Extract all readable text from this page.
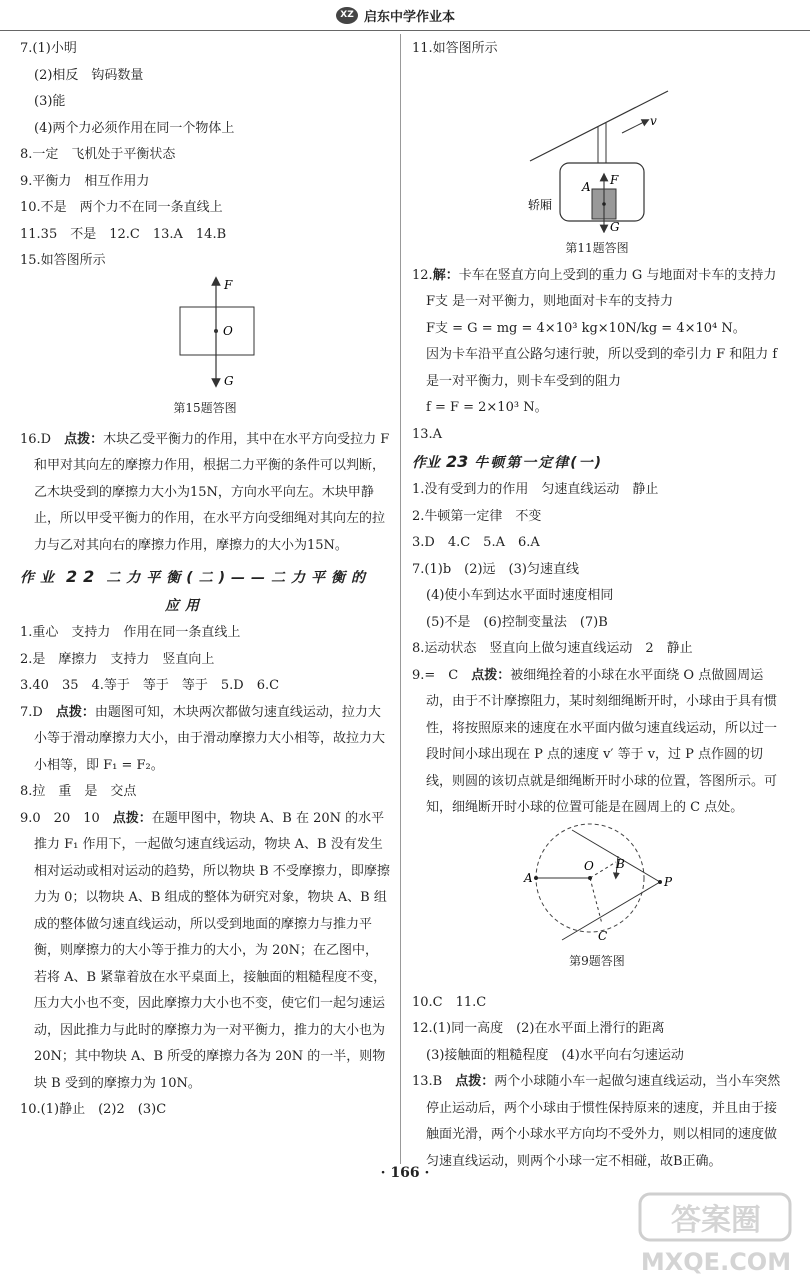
XZ 启东中学作业本
7.(1)小明
(2)相反　钩码数量
(3)能
(4)两个力必须作用在同一个物体上
8.一定　飞机处于平衡状态
9.平衡力　相互作用力
10.不是　两个力不在同一条直线上
11.35　不是　12.C　13.A　14.B
15.如答图所示
F
O
G
第15题答图
16.D　点拨：木块乙受平衡力的作用，其中在水平方向受拉力 F 和甲对其向左的摩擦力作用，根据二力平衡的条件可以判断，乙木块受到的摩擦力大小为15N，方向水平向左。木块甲静止，所以甲受平衡力的作用，在水平方向受细绳对其向左的拉力与乙对其向右的摩擦力作用，摩擦力的大小为15N。
作业 22 二力平衡(二)——二力平衡的
应用
1.重心　支持力　作用在同一条直线上
2.是　摩擦力　支持力　竖直向上
3.40　35　4.等于　等于　等于　5.D　6.C
7.D　点拨：由题图可知，木块两次都做匀速直线运动，拉力大小等于滑动摩擦力大小，由于滑动摩擦力大小相等，故拉力大小相等，即 F₁ = F₂。
8.拉　重　是　交点
9.0　20　10　点拨：在题甲图中，物块 A、B 在 20N 的水平推力 F₁ 作用下，一起做匀速直线运动，物块 A、B 没有发生相对运动或相对运动的趋势，所以物块 B 不受摩擦力，即摩擦力为 0；以物块 A、B 组成的整体为研究对象，物块 A、B 组成的整体做匀速直线运动，所以受到地面的摩擦力与推力平衡，则摩擦力的大小等于推力的大小，为 20N；在乙图中，若将 A、B 紧靠着放在水平桌面上，接触面的粗糙程度不变，压力大小也不变，因此摩擦力大小也不变，使它们一起匀速运动，因此推力与此时的摩擦力为一对平衡力，推力的大小也为 20N；其中物块 A、B 所受的摩擦力各为 20N 的一半，则物块 B 受到的摩擦力为 10N。
10.(1)静止　(2)2　(3)C
11.如答图所示
v
A F
G
轿厢
第11题答图
12.解：卡车在竖直方向上受到的重力 G 与地面对卡车的支持力 F支 是一对平衡力，则地面对卡车的支持力
F支 = G = mg = 4×10³ kg×10N/kg = 4×10⁴ N。
因为卡车沿平直公路匀速行驶，所以受到的牵引力 F 和阻力 f 是一对平衡力，则卡车受到的阻力
f = F = 2×10³ N。
13.A
作业 23 牛顿第一定律(一)
1.没有受到力的作用　匀速直线运动　静止
2.牛顿第一定律　不变
3.D　4.C　5.A　6.A
7.(1)b　(2)远　(3)匀速直线
(4)使小车到达水平面时速度相同
(5)不是　(6)控制变量法　(7)B
8.运动状态　竖直向上做匀速直线运动　2　静止
9.=　C　点拨：被细绳拴着的小球在水平面绕 O 点做圆周运动，由于不计摩擦阻力，某时刻细绳断开时，小球由于具有惯性，将按照原来的速度在水平面内做匀速直线运动，所以过一段时间小球出现在 P 点的速度 v′ 等于 v，过 P 点作圆的切线，则圆的该切点就是细绳断开时小球的位置，答图所示。可知，细绳断开时小球的位置可能是在圆周上的 C 点处。
A
O B
P
C
第9题答图
10.C　11.C
12.(1)同一高度　(2)在水平面上滑行的距离
(3)接触面的粗糙程度　(4)水平向右匀速运动
13.B　点拨：两个小球随小车一起做匀速直线运动，当小车突然停止运动后，两个小球由于惯性保持原来的速度，并且由于接触面光滑，两个小球水平方向均不受外力，则以相同的速度做匀速直线运动，则两个小球一定不相碰，故B正确。
· 166 ·
答案圈
MXQE.COM
